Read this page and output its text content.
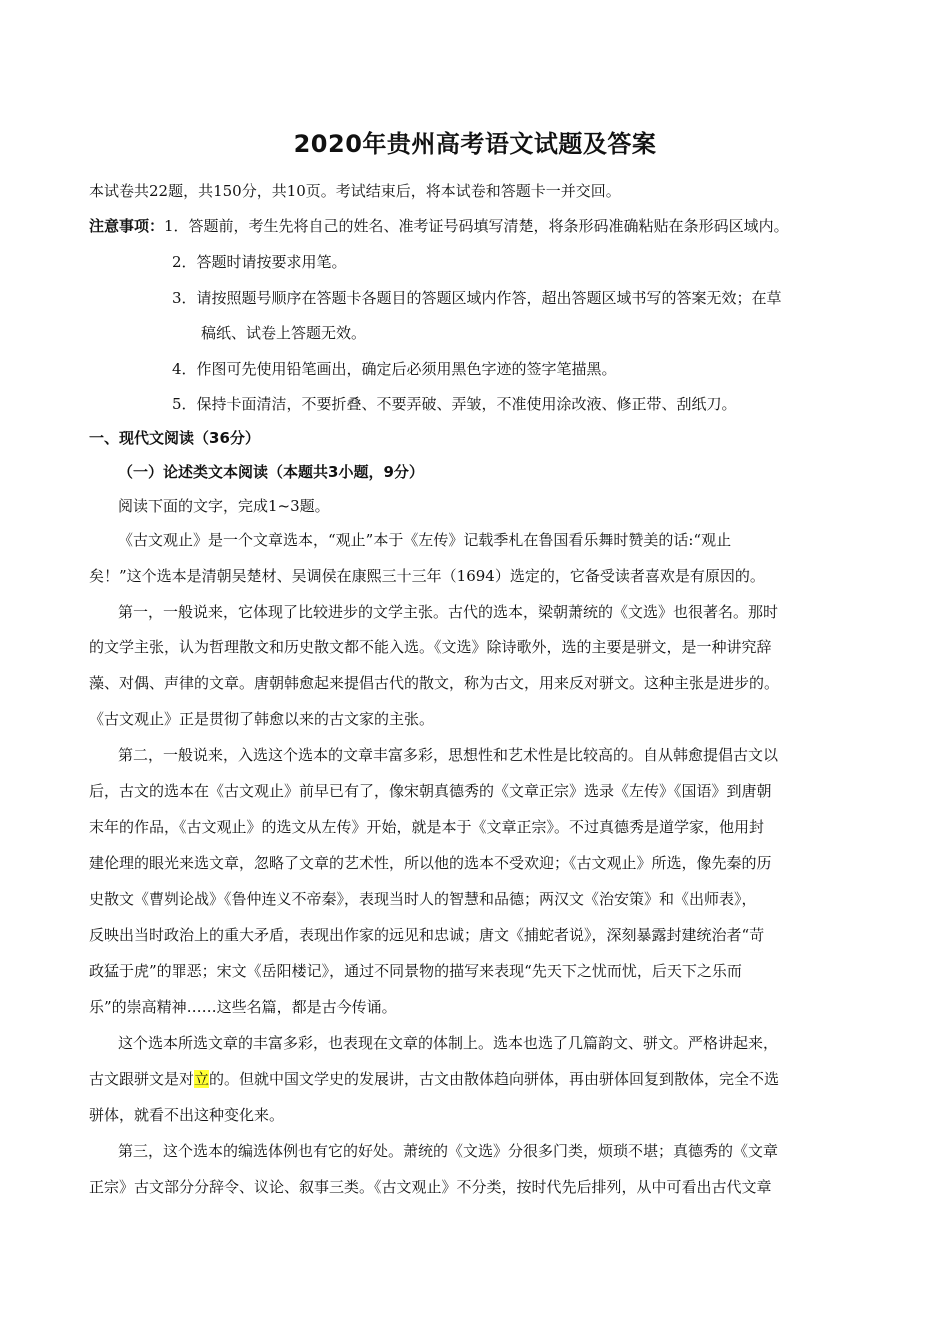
2020年贵州高考语文试题及答案
本试卷共22题，共150分，共10页。考试结束后，将本试卷和答题卡一并交回。
注意事项：1．答题前，考生先将自己的姓名、准考证号码填写清楚，将条形码准确粘贴在条形码区域内。
2．答题时请按要求用笔。
3．请按照题号顺序在答题卡各题目的答题区域内作答，超出答题区域书写的答案无效；在草
稿纸、试卷上答题无效。
4．作图可先使用铅笔画出，确定后必须用黑色字迹的签字笔描黑。
5．保持卡面清洁，不要折叠、不要弄破、弄皱，不准使用涂改液、修正带、刮纸刀。
一、现代文阅读（36分）
（一）论述类文本阅读（本题共3小题，9分）
阅读下面的文字，完成1~3题。
《古文观止》是一个文章选本，“观止”本于《左传》记载季札在鲁国看乐舞时赞美的话:“观止
矣！”这个选本是清朝吴楚材、吴调侯在康熙三十三年（1694）选定的，它备受读者喜欢是有原因的。
第一，一般说来，它体现了比较进步的文学主张。古代的选本，梁朝萧统的《文选》也很著名。那时
的文学主张，认为哲理散文和历史散文都不能入选。《文选》除诗歌外，选的主要是骈文，是一种讲究辞
藻、对偶、声律的文章。唐朝韩愈起来提倡古代的散文，称为古文，用来反对骈文。这种主张是进步的。
《古文观止》正是贯彻了韩愈以来的古文家的主张。
第二，一般说来，入选这个选本的文章丰富多彩，思想性和艺术性是比较高的。自从韩愈提倡古文以
后，古文的选本在《古文观止》前早已有了，像宋朝真德秀的《文章正宗》选录《左传》《国语》到唐朝
末年的作品，《古文观止》的选文从左传》开始，就是本于《文章正宗》。不过真德秀是道学家，他用封
建伦理的眼光来选文章，忽略了文章的艺术性，所以他的选本不受欢迎；《古文观止》所选，像先秦的历
史散文《曹刿论战》《鲁仲连义不帝秦》，表现当时人的智慧和品德；两汉文《治安策》和《出师表》，
反映出当时政治上的重大矛盾，表现出作家的远见和忠诚；唐文《捕蛇者说》，深刻暴露封建统治者“苛
政猛于虎”的罪恶；宋文《岳阳楼记》，通过不同景物的描写来表现“先天下之忧而忧，后天下之乐而
乐”的崇高精神……这些名篇，都是古今传诵。
这个选本所选文章的丰富多彩，也表现在文章的体制上。选本也选了几篇韵文、骈文。严格讲起来，
古文跟骈文是对立的。但就中国文学史的发展讲，古文由散体趋向骈体，再由骈体回复到散体，完全不选
骈体，就看不出这种变化来。
第三，这个选本的编选体例也有它的好处。萧统的《文选》分很多门类，烦琐不堪；真德秀的《文章
正宗》古文部分分辞令、议论、叙事三类。《古文观止》不分类，按时代先后排列，从中可看出古代文章
